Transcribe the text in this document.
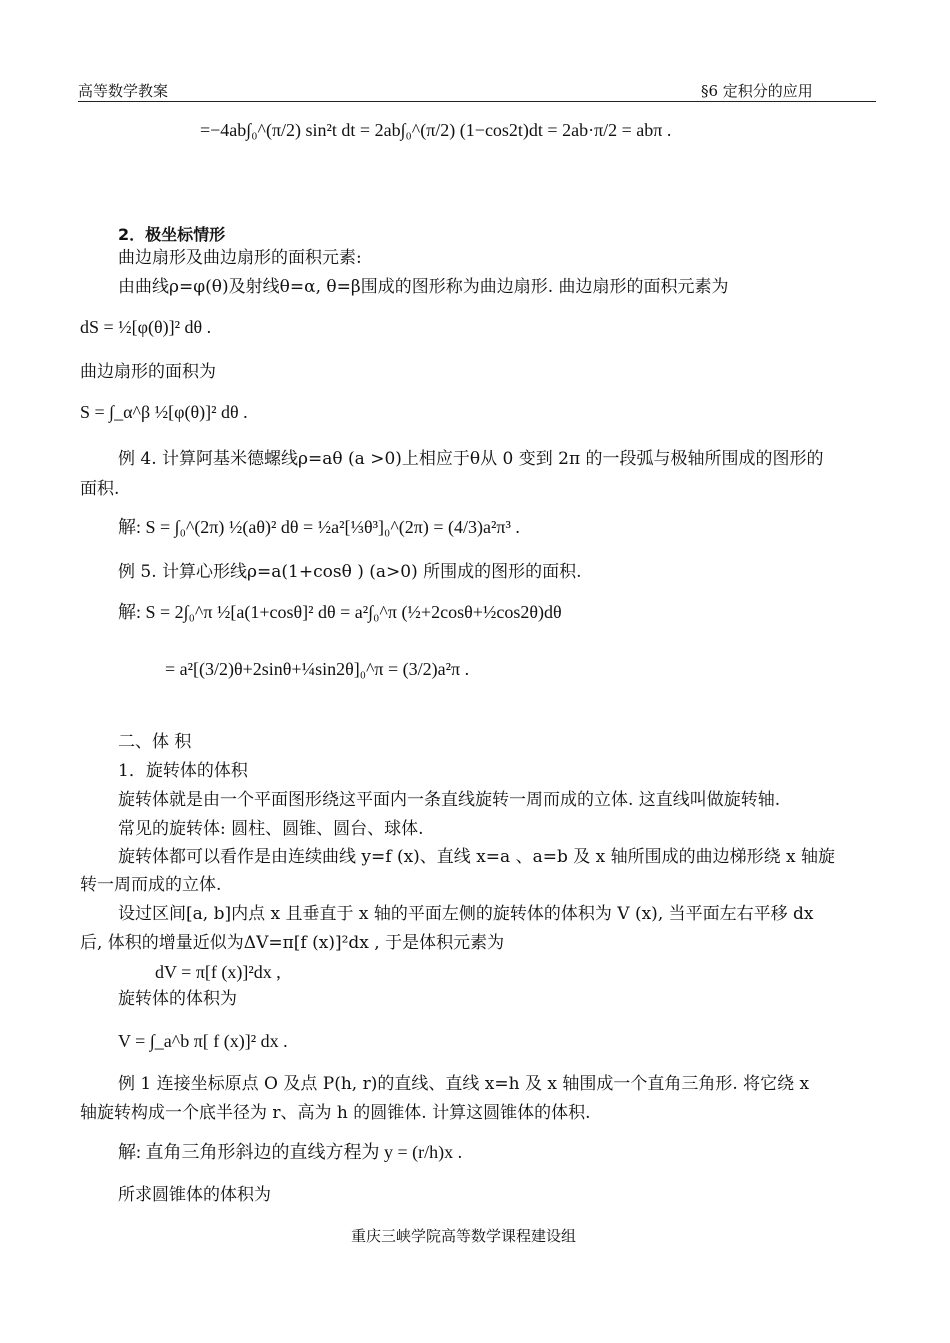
高等数学教案	§6 定积分的应用
=−4ab∫₀^(π/2) sin²t dt = 2ab∫₀^(π/2) (1−cos2t)dt = 2ab·π/2 = abπ .
2．极坐标情形
曲边扇形及曲边扇形的面积元素:
由曲线ρ=φ(θ)及射线θ=α, θ=β围成的图形称为曲边扇形. 曲边扇形的面积元素为
dS = ½[φ(θ)]² dθ .
曲边扇形的面积为
S = ∫_α^β ½[φ(θ)]² dθ .
例 4. 计算阿基米德螺线ρ=aθ (a >0)上相应于θ从 0 变到 2π 的一段弧与极轴所围成的图形的
面积.
解: S = ∫₀^(2π) ½(aθ)² dθ = ½a²[⅓θ³]₀^(2π) = (4/3)a²π³ .
例 5. 计算心形线ρ=a(1+cosθ ) (a>0) 所围成的图形的面积.
解: S = 2∫₀^π ½[a(1+cosθ]² dθ = a²∫₀^π (½+2cosθ+½cos2θ)dθ
= a²[(3/2)θ+2sinθ+¼sin2θ]₀^π = (3/2)a²π .
二、体 积
1．旋转体的体积
旋转体就是由一个平面图形绕这平面内一条直线旋转一周而成的立体. 这直线叫做旋转轴.
常见的旋转体: 圆柱、圆锥、圆台、球体.
旋转体都可以看作是由连续曲线 y=f (x)、直线 x=a 、a=b 及 x 轴所围成的曲边梯形绕 x 轴旋
转一周而成的立体.
设过区间[a, b]内点 x 且垂直于 x 轴的平面左侧的旋转体的体积为 V (x), 当平面左右平移 dx
后, 体积的增量近似为ΔV=π[f (x)]²dx , 于是体积元素为
dV = π[f (x)]²dx ,
旋转体的体积为
V = ∫_a^b π[ f (x)]² dx .
例 1 连接坐标原点 O 及点 P(h, r)的直线、直线 x=h 及 x 轴围成一个直角三角形. 将它绕 x
轴旋转构成一个底半径为 r、高为 h 的圆锥体. 计算这圆锥体的体积.
解: 直角三角形斜边的直线方程为 y = (r/h)x .
所求圆锥体的体积为
重庆三峡学院高等数学课程建设组
